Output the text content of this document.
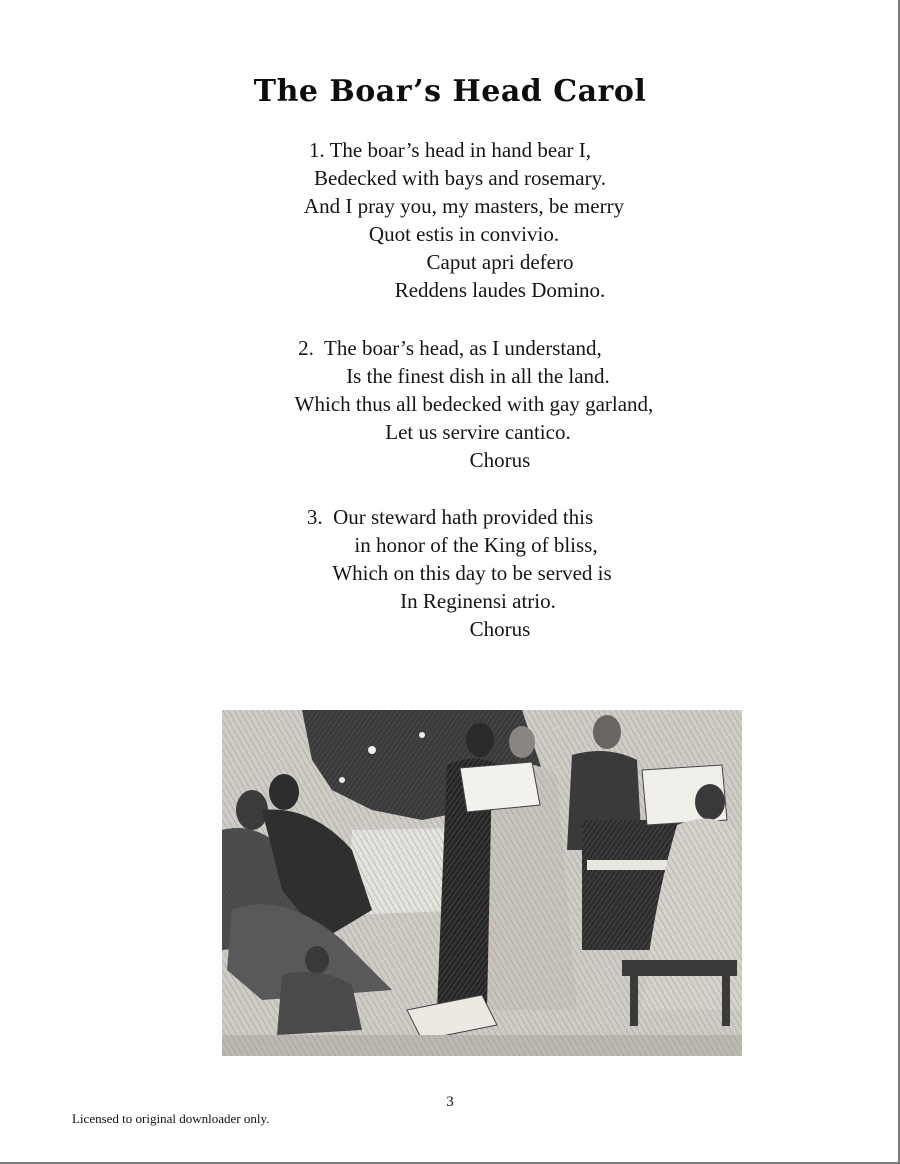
The Boar’s Head Carol
1. The boar’s head in hand bear I,
Bedecked with bays and rosemary.
And I pray you, my masters, be merry
Quot estis in convivio.
Caput apri defero
Reddens laudes Domino.
2.  The boar’s head, as I understand,
Is the finest dish in all the land.
Which thus all bedecked with gay garland,
Let us servire cantico.
Chorus
3.  Our steward hath provided this
in honor of the King of bliss,
Which on this day to be served is
In Reginensi atrio.
Chorus
3
Licensed to original downloader only.
